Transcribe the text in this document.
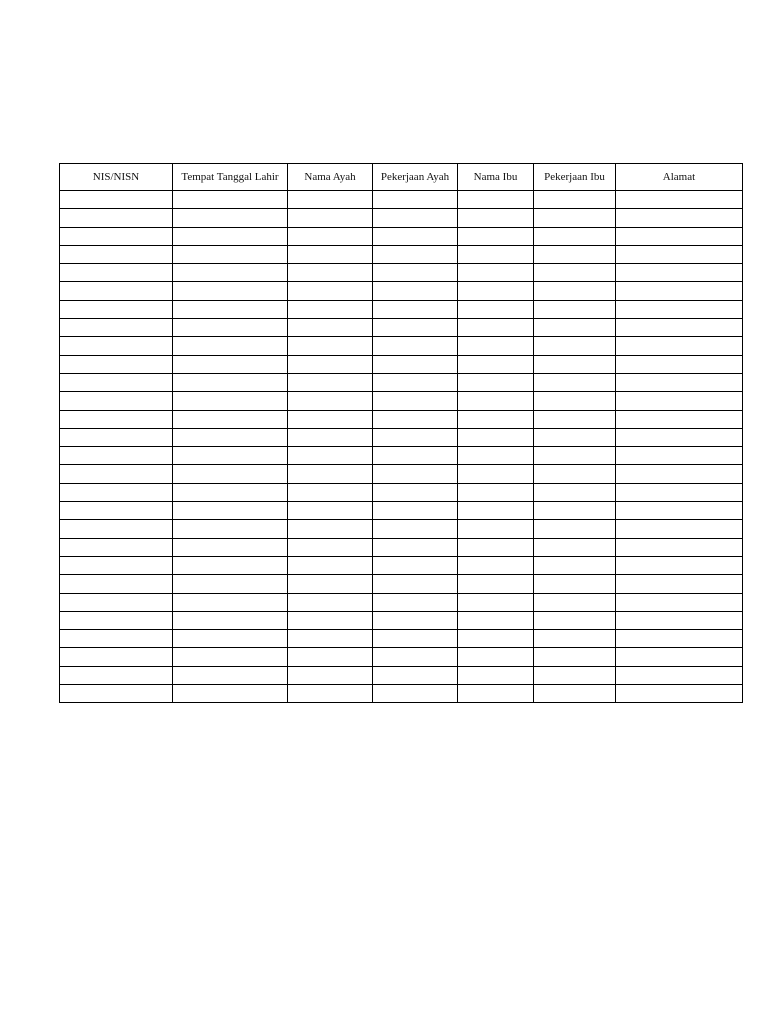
NIS/NISN	Tempat Tanggal Lahir	Nama Ayah	Pekerjaan Ayah	Nama Ibu	Pekerjaan Ibu	Alamat
